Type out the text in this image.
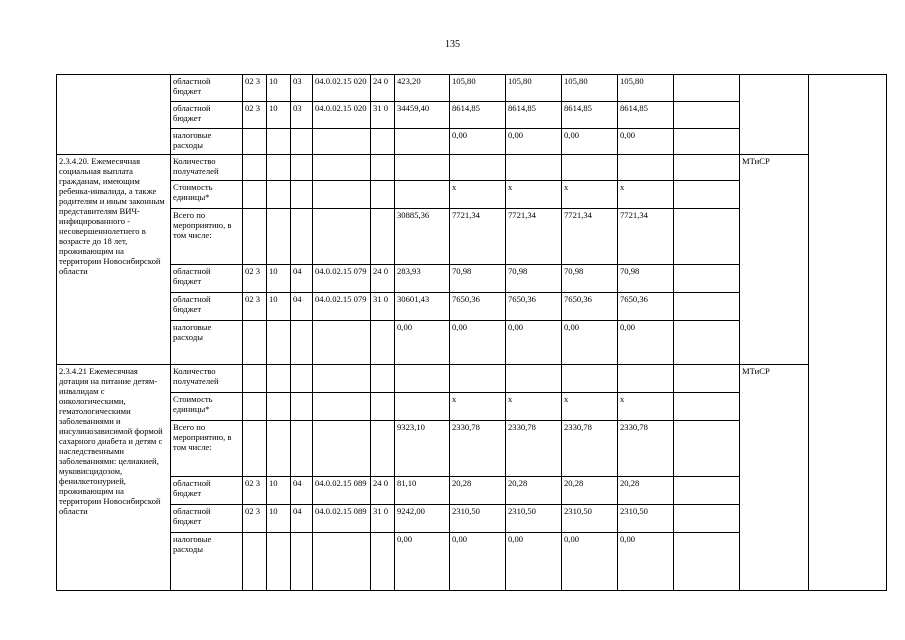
135
	областной бюджет	02 3	10	03	04.0.02.15 020	24 0	423,20	105,80	105,80	105,80	105,80			
	областной бюджет	02 3	10	03	04.0.02.15 020	31 0	34459,40	8614,85	8614,85	8614,85	8614,85			
	налоговые расходы							0,00	0,00	0,00	0,00			
2.3.4.20. Ежемесячная социальная выплата гражданам, имеющим ребенка-инвалида, а также родителям и иным законным представителям ВИЧ-инфицированного - несовершеннолетнего в возрасте до 18 лет, проживающим на территории Новосибирской области	Количество получателей												МТиСР	
	Стоимость единицы*							х	х	х	х			
	Всего по мероприятию, в том числе:						30885,36	7721,34	7721,34	7721,34	7721,34			
	областной бюджет	02 3	10	04	04.0.02.15 079	24 0	283,93	70,98	70,98	70,98	70,98			
	областной бюджет	02 3	10	04	04.0.02.15 079	31 0	30601,43	7650,36	7650,36	7650,36	7650,36			
	налоговые расходы						0,00	0,00	0,00	0,00	0,00			
2.3.4.21 Ежемесячная дотация на питание детям-инвалидам с онкологическими, гематологическими заболеваниями и инсулинозависимой формой сахарного диабета и детям с наследственными заболеваниями: целиакией, муковисцидозом, фенилкетонурией, проживающим на территории Новосибирской области	Количество получателей												МТиСР	
	Стоимость единицы*							х	х	х	х			
	Всего по мероприятию, в том числе:						9323,10	2330,78	2330,78	2330,78	2330,78			
	областной бюджет	02 3	10	04	04.0.02.15 089	24 0	81,10	20,28	20,28	20,28	20,28			
	областной бюджет	02 3	10	04	04.0.02.15 089	31 0	9242,00	2310,50	2310,50	2310,50	2310,50			
	налоговые расходы						0,00	0,00	0,00	0,00	0,00			
